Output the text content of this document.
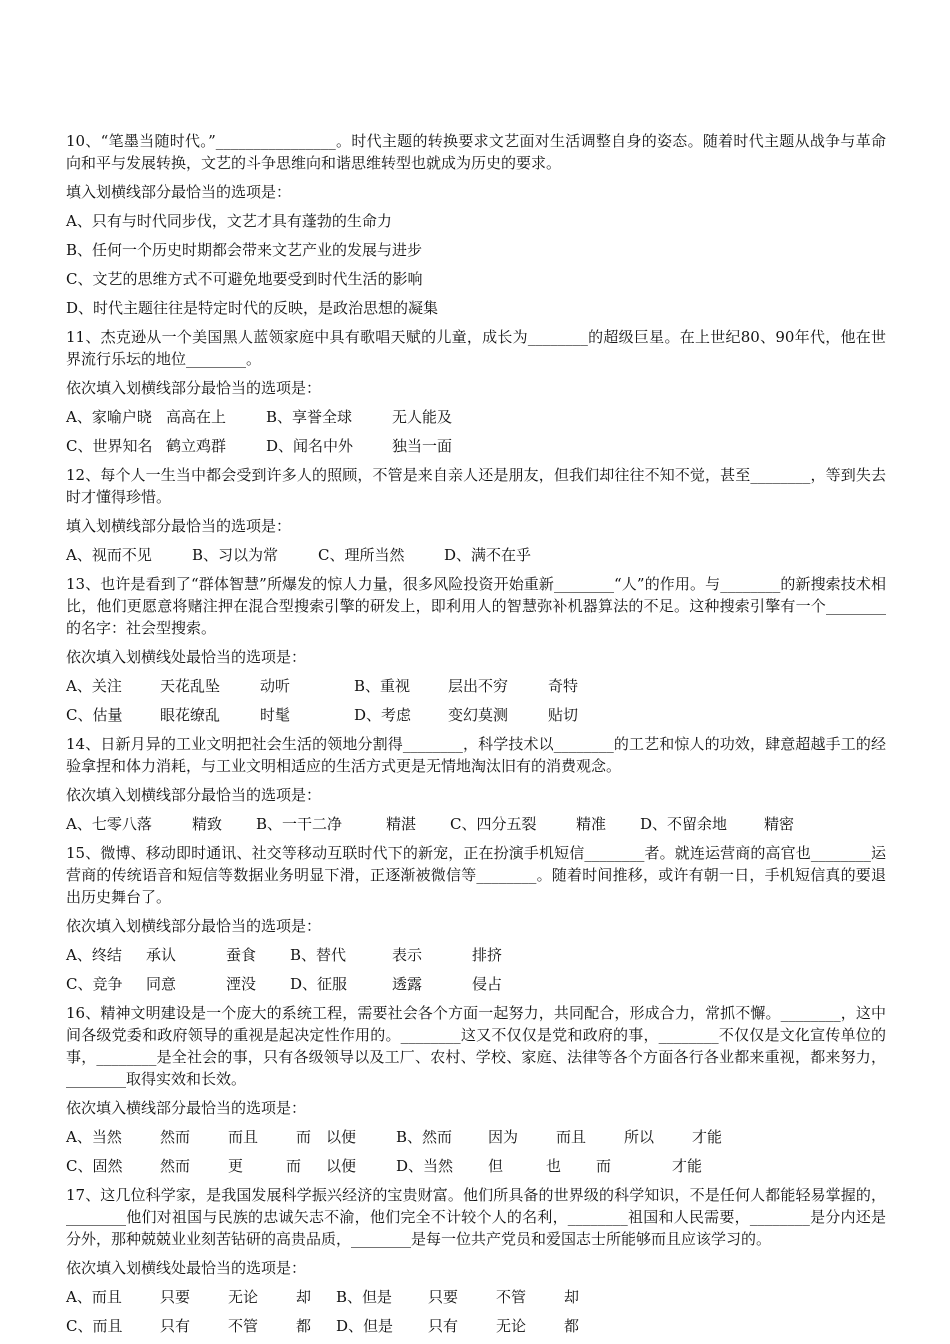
10、“笔墨当随时代。”________________。时代主题的转换要求文艺面对生活调整自身的姿态。随着时代主题从战争与革命向和平与发展转换，文艺的斗争思维向和谐思维转型也就成为历史的要求。

填入划横线部分最恰当的选项是：

A、只有与时代同步伐，文艺才具有蓬勃的生命力

B、任何一个历史时期都会带来文艺产业的发展与进步

C、文艺的思维方式不可避免地要受到时代生活的影响

D、时代主题往往是特定时代的反映，是政治思想的凝集

11、杰克逊从一个美国黑人蓝领家庭中具有歌唱天赋的儿童，成长为________的超级巨星。在上世纪80、90年代，他在世界流行乐坛的地位________。

依次填入划横线部分最恰当的选项是：

A、家喻户晓 高高在上	B、享誉全球	无人能及
C、世界知名 鹤立鸡群	D、闻名中外	独当一面

12、每个人一生当中都会受到许多人的照顾，不管是来自亲人还是朋友，但我们却往往不知不觉，甚至________，等到失去时才懂得珍惜。

填入划横线部分最恰当的选项是：

A、视而不见	B、习以为常	C、理所当然	D、满不在乎

13、也许是看到了“群体智慧”所爆发的惊人力量，很多风险投资开始重新________“人”的作用。与________的新搜索技术相比，他们更愿意将赌注押在混合型搜索引擎的研发上，即利用人的智慧弥补机器算法的不足。这种搜索引擎有一个________的名字：社会型搜索。

依次填入划横线处最恰当的选项是：

A、关注	天花乱坠	动听	B、重视	层出不穷	奇特
C、估量	眼花缭乱	时髦	D、考虑	变幻莫测	贴切

14、日新月异的工业文明把社会生活的领地分割得________，科学技术以________的工艺和惊人的功效，肆意超越手工的经验拿捏和体力消耗，与工业文明相适应的生活方式更是无情地淘汰旧有的消费观念。

依次填入划横线部分最恰当的选项是：

A、七零八落	精致	B、一干二净	精湛	C、四分五裂	精准	D、不留余地	精密

15、微博、移动即时通讯、社交等移动互联时代下的新宠，正在扮演手机短信________者。就连运营商的高官也________运营商的传统语音和短信等数据业务明显下滑，正逐渐被微信等________。随着时间推移，或许有朝一日，手机短信真的要退出历史舞台了。

依次填入划横线部分最恰当的选项是：

A、终结	承认	蚕食	B、替代	表示	排挤
C、竞争	同意	湮没	D、征服	透露	侵占

16、精神文明建设是一个庞大的系统工程，需要社会各个方面一起努力，共同配合，形成合力，常抓不懈。________，这中间各级党委和政府领导的重视是起决定性作用的。________这又不仅仅是党和政府的事，________不仅仅是文化宣传单位的事，________是全社会的事，只有各级领导以及工厂、农村、学校、家庭、法律等各个方面各行各业都来重视，都来努力，________取得实效和长效。

依次填入横线部分最恰当的选项是：

A、当然	然而	而且	而 以便	B、然而	因为	而且	所以	才能
C、固然	然而	更	而	以便	D、当然	但	也	而	才能

17、这几位科学家，是我国发展科学振兴经济的宝贵财富。他们所具备的世界级的科学知识，不是任何人都能轻易掌握的，________他们对祖国与民族的忠诚矢志不渝，他们完全不计较个人的名利，________祖国和人民需要，________是分内还是分外，那种兢兢业业刻苦钻研的高贵品质，________是每一位共产党员和爱国志士所能够而且应该学习的。

依次填入划横线处最恰当的选项是：

A、而且	只要	无论	却	B、但是	只要	不管	却
C、而且	只有	不管	都	D、但是	只有	无论	都
